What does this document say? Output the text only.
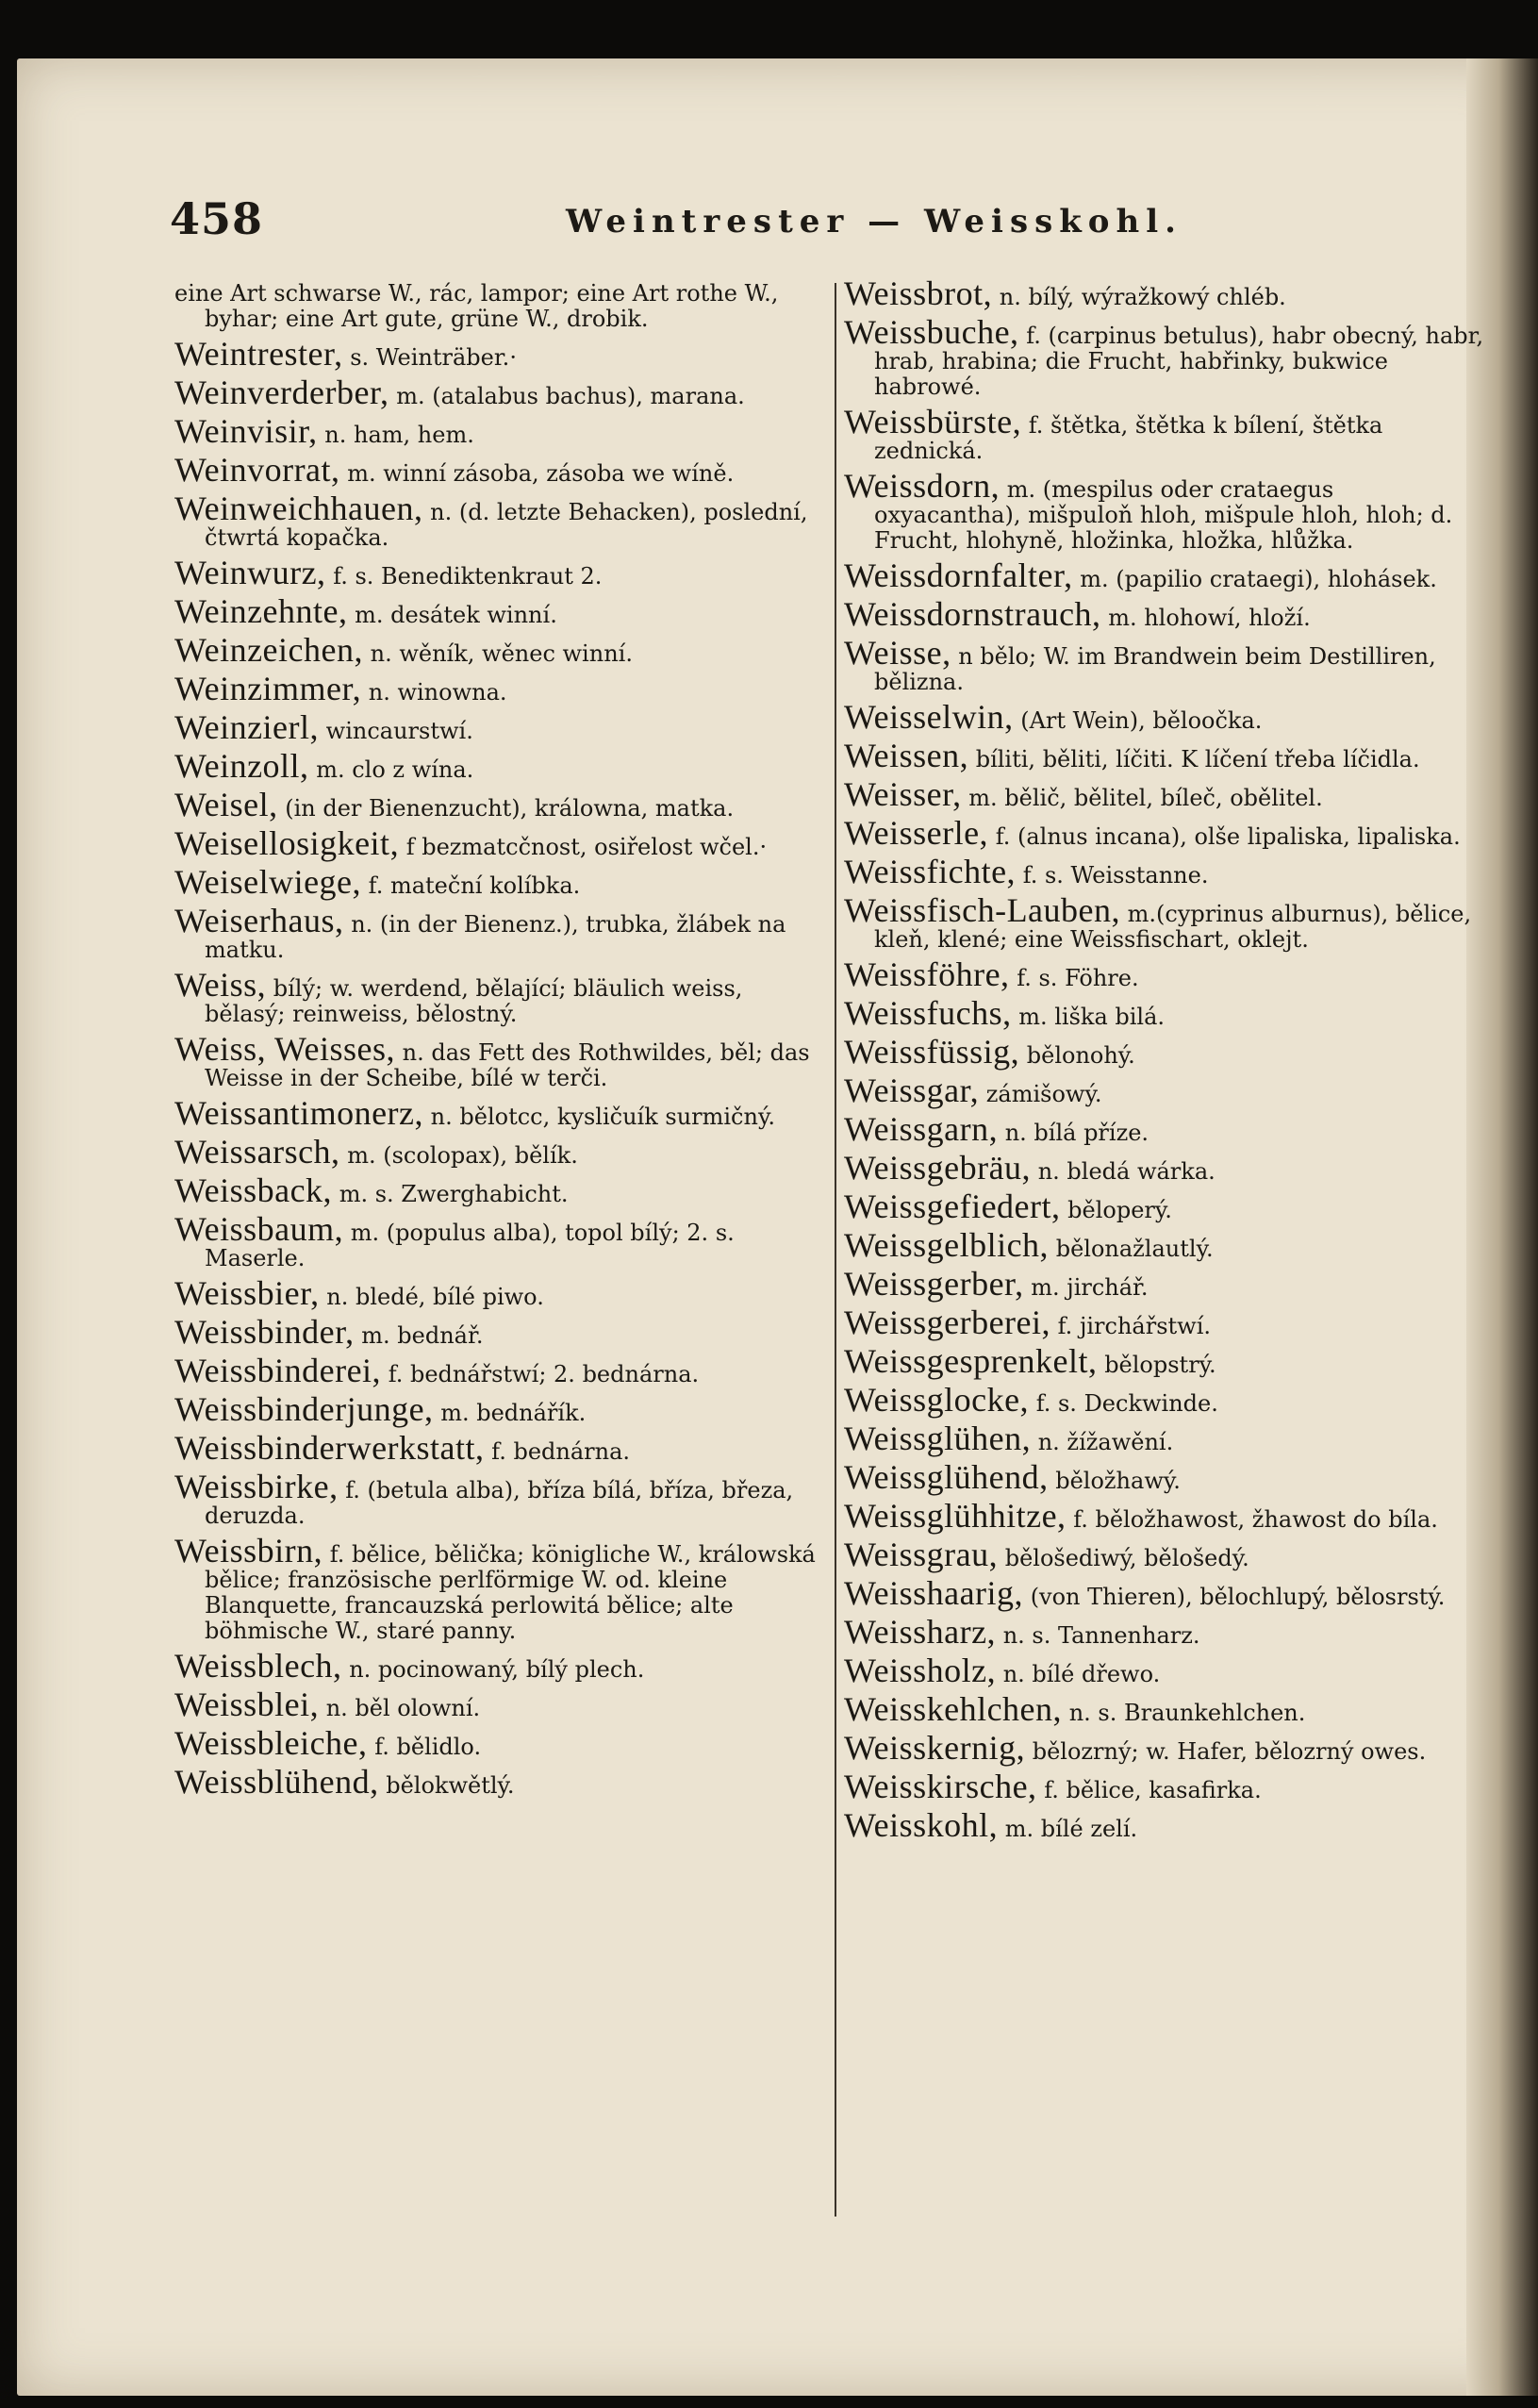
458	Weintrester — Weisskohl.
eine Art schwarse W., rác, lampor; eine Art rothe W., byhar; eine Art gute, grüne W., drobik.
Weintrester, s. Weinträber.·
Weinverderber, m. (atalabus bachus), marana.
Weinvisir, n. ham, hem.
Weinvorrat, m. winní zásoba, zásoba we wíně.
Weinweichhauen, n. (d. letzte Behacken), poslední, čtwrtá kopačka.
Weinwurz, f. s. Benediktenkraut 2.
Weinzehnte, m. desátek winní.
Weinzeichen, n. wěník, wěnec winní.
Weinzimmer, n. winowna.
Weinzierl, wincaurstwí.
Weinzoll, m. clo z wína.
Weisel, (in der Bienenzucht), králowna, matka.
Weisellosigkeit, f bezmatcčnost, osiřelost wčel.·
Weiselwiege, f. mateční kolíbka.
Weiserhaus, n. (in der Bienenz.), trubka, žlábek na matku.
Weiss, bílý; w. werdend, bělající; bläulich weiss, bělasý; reinweiss, bělostný.
Weiss, Weisses, n. das Fett des Rothwildes, běl; das Weisse in der Scheibe, bílé w terči.
Weissantimonerz, n. bělotcc, kysličuík surmičný.
Weissarsch, m. (scolopax), bělík.
Weissback, m. s. Zwerghabicht.
Weissbaum, m. (populus alba), topol bílý; 2. s. Maserle.
Weissbier, n. bledé, bílé piwo.
Weissbinder, m. bednář.
Weissbinderei, f. bednářstwí; 2. bednárna.
Weissbinderjunge, m. bednářík.
Weissbinderwerkstatt, f. bednárna.
Weissbirke, f. (betula alba), bříza bílá, bříza, březa, deruzda.
Weissbirn, f. bělice, bělička; königliche W., králowská bělice; französische perlförmige W. od. kleine Blanquette, francauzská perlowitá bělice; alte böhmische W., staré panny.
Weissblech, n. pocinowaný, bílý plech.
Weissblei, n. běl olowní.
Weissbleiche, f. bělidlo.
Weissblühend, bělokwětlý.
Weissbrot, n. bílý, wýražkowý chléb.
Weissbuche, f. (carpinus betulus), habr obecný, habr, hrab, hrabina; die Frucht, habřinky, bukwice habrowé.
Weissbürste, f. štětka, štětka k bílení, štětka zednická.
Weissdorn, m. (mespilus oder crataegus oxyacantha), mišpuloň hloh, mišpule hloh, hloh; d. Frucht, hlohyně, hložinka, hložka, hlůžka.
Weissdornfalter, m. (papilio crataegi), hlohásek.
Weissdornstrauch, m. hlohowí, hloží.
Weisse, n bělo; W. im Brandwein beim Destilliren, bělizna.
Weisselwin, (Art Wein), běloočka.
Weissen, bíliti, běliti, líčiti. K líčení třeba líčidla.
Weisser, m. bělič, bělitel, bíleč, obělitel.
Weisserle, f. (alnus incana), olše lipaliska, lipaliska.
Weissfichte, f. s. Weisstanne.
Weissfisch-Lauben, m.(cyprinus alburnus), bělice, kleň, klené; eine Weissfischart, oklejt.
Weissföhre, f. s. Föhre.
Weissfuchs, m. liška bilá.
Weissfüssig, bělonohý.
Weissgar, zámišowý.
Weissgarn, n. bílá příze.
Weissgebräu, n. bledá wárka.
Weissgefiedert, běloperý.
Weissgelblich, bělonažlautlý.
Weissgerber, m. jirchář.
Weissgerberei, f. jirchářstwí.
Weissgesprenkelt, bělopstrý.
Weissglocke, f. s. Deckwinde.
Weissglühen, n. žížawění.
Weissglühend, běložhawý.
Weissglühhitze, f. běložhawost, žhawost do bíla.
Weissgrau, bělošediwý, bělošedý.
Weisshaarig, (von Thieren), bělochlupý, bělosrstý.
Weissharz, n. s. Tannenharz.
Weissholz, n. bílé dřewo.
Weisskehlchen, n. s. Braunkehlchen.
Weisskernig, bělozrný; w. Hafer, bělozrný owes.
Weisskirsche, f. bělice, kasafirka.
Weisskohl, m. bílé zelí.
